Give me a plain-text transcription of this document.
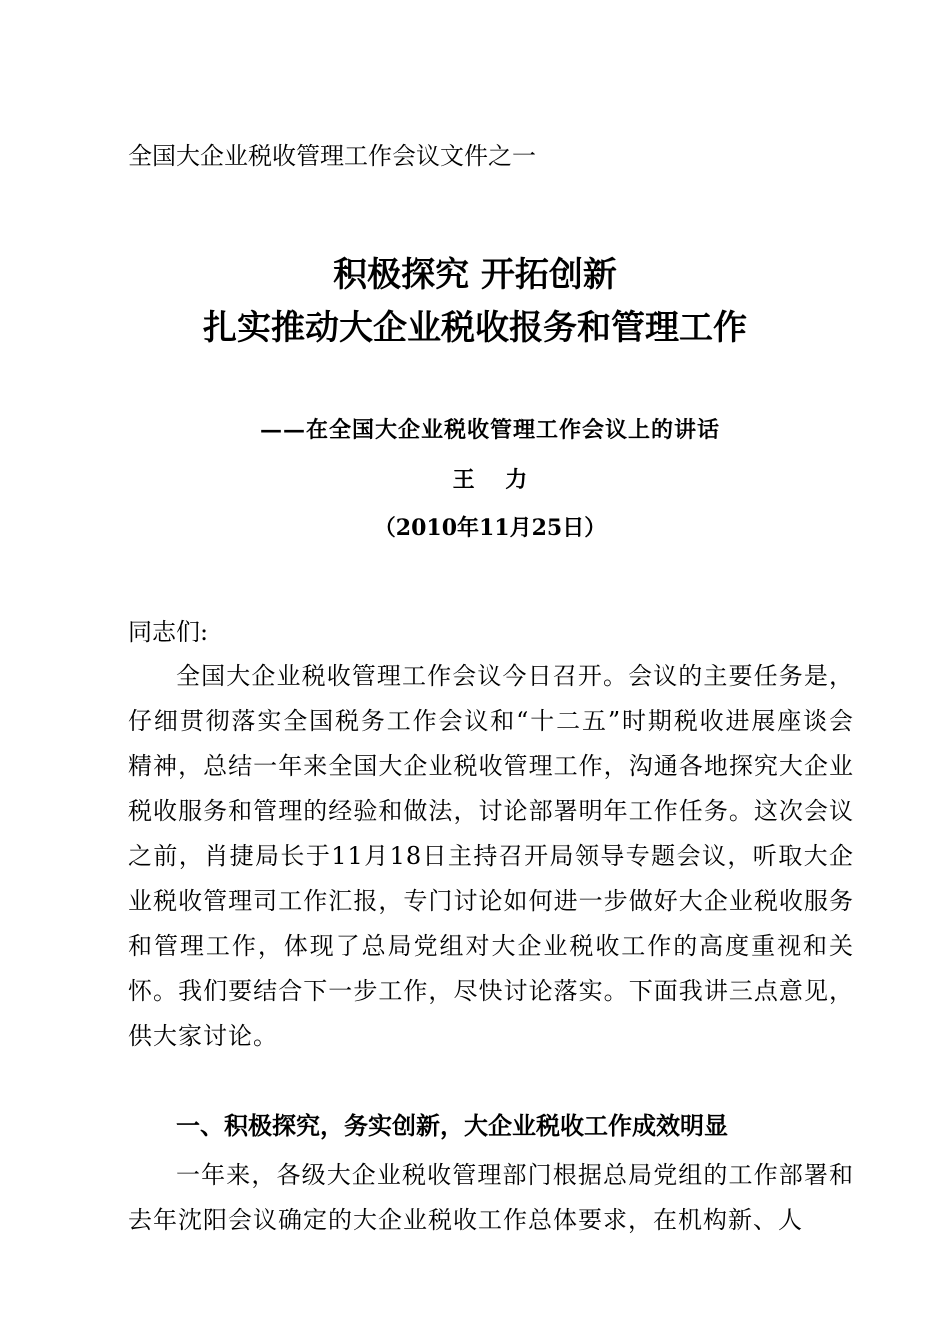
全国大企业税收管理工作会议文件之一
积极探究 开拓创新
扎实推动大企业税收报务和管理工作
——在全国大企业税收管理工作会议上的讲话
王    力
（2010年11月25日）
同志们:
全国大企业税收管理工作会议今日召开。会议的主要任务是，仔细贯彻落实全国税务工作会议和“十二五”时期税收进展座谈会精神，总结一年来全国大企业税收管理工作，沟通各地探究大企业税收服务和管理的经验和做法，讨论部署明年工作任务。这次会议之前，肖捷局长于11月18日主持召开局领导专题会议，听取大企业税收管理司工作汇报，专门讨论如何进一步做好大企业税收服务和管理工作，体现了总局党组对大企业税收工作的高度重视和关怀。我们要结合下一步工作，尽快讨论落实。下面我讲三点意见，供大家讨论。
一、积极探究，务实创新，大企业税收工作成效明显
一年来，各级大企业税收管理部门根据总局党组的工作部署和去年沈阳会议确定的大企业税收工作总体要求，在机构新、人
